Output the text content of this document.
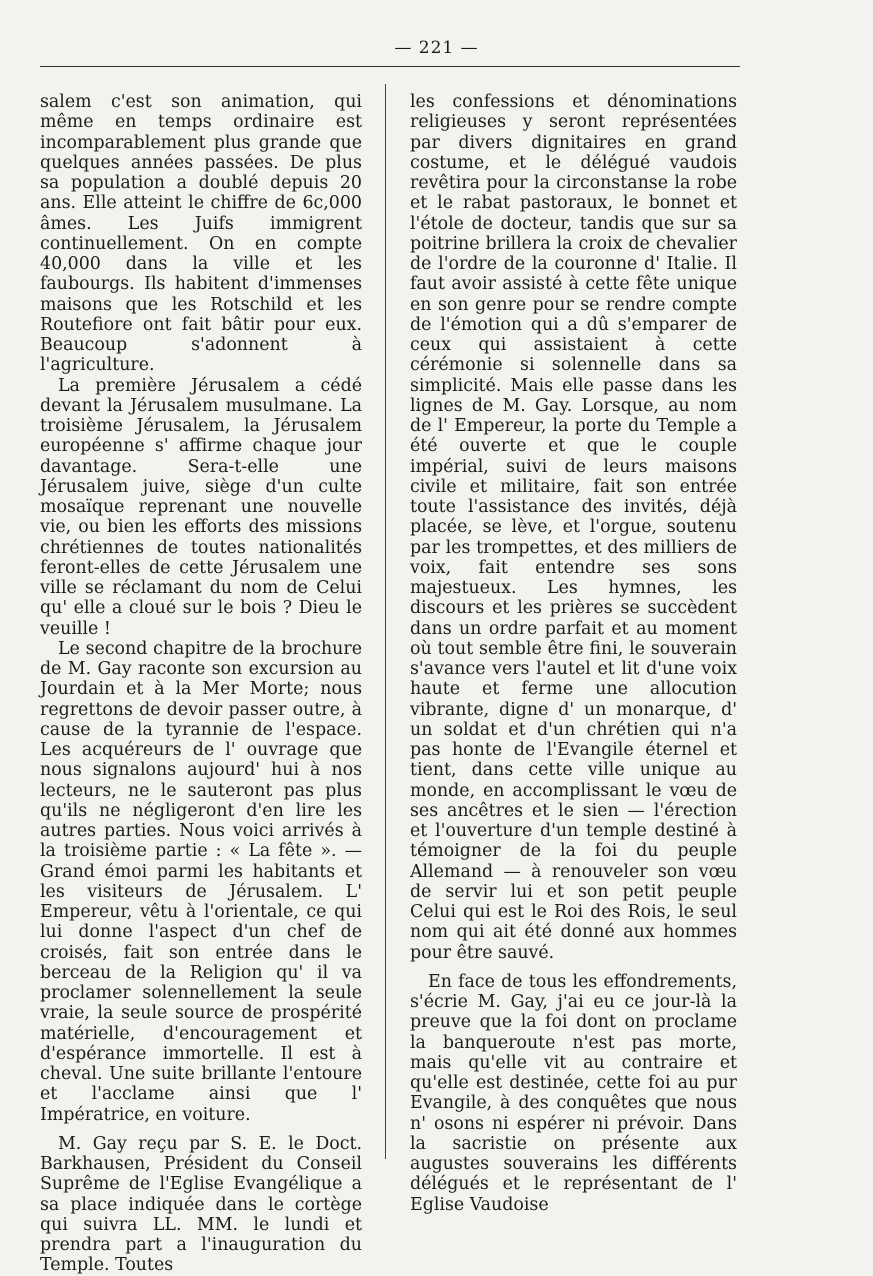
— 221 —

salem c'est son animation, qui même en temps ordinaire est incomparablement plus grande que quelques années passées. De plus sa population a doublé depuis 20 ans. Elle atteint le chiffre de 6c,000 âmes. Les Juifs immigrent continuellement. On en compte 40,000 dans la ville et les faubourgs. Ils habitent d'immenses maisons que les Rotschild et les Routefiore ont fait bâtir pour eux. Beaucoup s'adonnent à l'agriculture.

La première Jérusalem a cédé devant la Jérusalem musulmane. La troisième Jérusalem, la Jérusalem européenne s' affirme chaque jour davantage. Sera-t-elle une Jérusalem juive, siège d'un culte mosaïque reprenant une nouvelle vie, ou bien les efforts des missions chrétiennes de toutes nationalités feront-elles de cette Jérusalem une ville se réclamant du nom de Celui qu' elle a cloué sur le bois ? Dieu le veuille !

Le second chapitre de la brochure de M. Gay raconte son excursion au Jourdain et à la Mer Morte; nous regrettons de devoir passer outre, à cause de la tyrannie de l'espace. Les acquéreurs de l' ouvrage que nous signalons aujourd' hui à nos lecteurs, ne le sauteront pas plus qu'ils ne négligeront d'en lire les autres parties. Nous voici arrivés à la troisième partie : « La fête ». — Grand émoi parmi les habitants et les visiteurs de Jérusalem. L' Empereur, vêtu à l'orientale, ce qui lui donne l'aspect d'un chef de croisés, fait son entrée dans le berceau de la Religion qu' il va proclamer solennellement la seule vraie, la seule source de prospérité matérielle, d'encouragement et d'espérance immortelle. Il est à cheval. Une suite brillante l'entoure et l'acclame ainsi que l' Impératrice, en voiture.

M. Gay reçu par S. E. le Doct. Barkhausen, Président du Conseil Suprême de l'Eglise Evangélique a sa place indiquée dans le cortège qui suivra LL. MM. le lundi et prendra part a l'inauguration du Temple. Toutes

les confessions et dénominations religieuses y seront représentées par divers dignitaires en grand costume, et le délégué vaudois revêtira pour la circonstanse la robe et le rabat pastoraux, le bonnet et l'étole de docteur, tandis que sur sa poitrine brillera la croix de chevalier de l'ordre de la couronne d' Italie. Il faut avoir assisté à cette fête unique en son genre pour se rendre compte de l'émotion qui a dû s'emparer de ceux qui assistaient à cette cérémonie si solennelle dans sa simplicité. Mais elle passe dans les lignes de M. Gay. Lorsque, au nom de l' Empereur, la porte du Temple a été ouverte et que le couple impérial, suivi de leurs maisons civile et militaire, fait son entrée toute l'assistance des invités, déjà placée, se lève, et l'orgue, soutenu par les trompettes, et des milliers de voix, fait entendre ses sons majestueux. Les hymnes, les discours et les prières se succèdent dans un ordre parfait et au moment où tout semble être fini, le souverain s'avance vers l'autel et lit d'une voix haute et ferme une allocution vibrante, digne d' un monarque, d' un soldat et d'un chrétien qui n'a pas honte de l'Evangile éternel et tient, dans cette ville unique au monde, en accomplissant le vœu de ses ancêtres et le sien — l'érection et l'ouverture d'un temple destiné à témoigner de la foi du peuple Allemand — à renouveler son vœu de servir lui et son petit peuple Celui qui est le Roi des Rois, le seul nom qui ait été donné aux hommes pour être sauvé.

En face de tous les effondrements, s'écrie M. Gay, j'ai eu ce jour-là la preuve que la foi dont on proclame la banqueroute n'est pas morte, mais qu'elle vit au contraire et qu'elle est destinée, cette foi au pur Evangile, à des conquêtes que nous n' osons ni espérer ni prévoir. Dans la sacristie on présente aux augustes souverains les différents délégués et le représentant de l' Eglise Vaudoise
